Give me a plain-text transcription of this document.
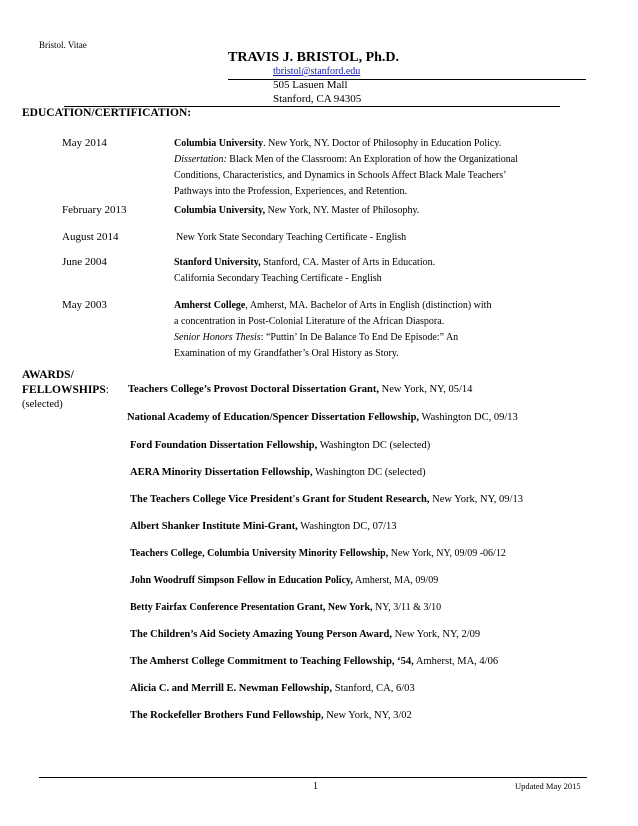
Bristol. Vitae
TRAVIS J. BRISTOL, Ph.D.
tbristol@stanford.edu
505 Lasuen Mall
Stanford, CA 94305
EDUCATION/CERTIFICATION:
May 2014	Columbia University. New York, NY. Doctor of Philosophy in Education Policy.
Dissertation: Black Men of the Classroom: An Exploration of how the Organizational
Conditions, Characteristics, and Dynamics in Schools Affect Black Male Teachers’
Pathways into the Profession, Experiences, and Retention.
February 2013	Columbia University, New York, NY. Master of Philosophy.
August 2014	New York State Secondary Teaching Certificate - English
June 2004	Stanford University, Stanford, CA. Master of Arts in Education.
California Secondary Teaching Certificate - English
May 2003	Amherst College, Amherst, MA. Bachelor of Arts in English (distinction) with
a concentration in Post-Colonial Literature of the African Diaspora.
Senior Honors Thesis: “Puttin’ In De Balance To End De Episode:” An
Examination of my Grandfather’s Oral History as Story.
AWARDS/
FELLOWSHIPS:
(selected)
Teachers College’s Provost Doctoral Dissertation Grant, New York, NY, 05/14
National Academy of Education/Spencer Dissertation Fellowship, Washington DC, 09/13
Ford Foundation Dissertation Fellowship, Washington DC (selected)
AERA Minority Dissertation Fellowship, Washington DC (selected)
The Teachers College Vice President's Grant for Student Research, New York, NY, 09/13
Albert Shanker Institute Mini-Grant, Washington DC, 07/13
Teachers College, Columbia University Minority Fellowship, New York, NY, 09/09 -06/12
John Woodruff Simpson Fellow in Education Policy, Amherst, MA, 09/09
Betty Fairfax Conference Presentation Grant, New York, NY, 3/11 & 3/10
The Children’s Aid Society Amazing Young Person Award, New York, NY, 2/09
The Amherst College Commitment to Teaching Fellowship, ‘54, Amherst, MA, 4/06
Alicia C. and Merrill E. Newman Fellowship, Stanford, CA, 6/03
The Rockefeller Brothers Fund Fellowship, New York, NY, 3/02
1	Updated May 2015
